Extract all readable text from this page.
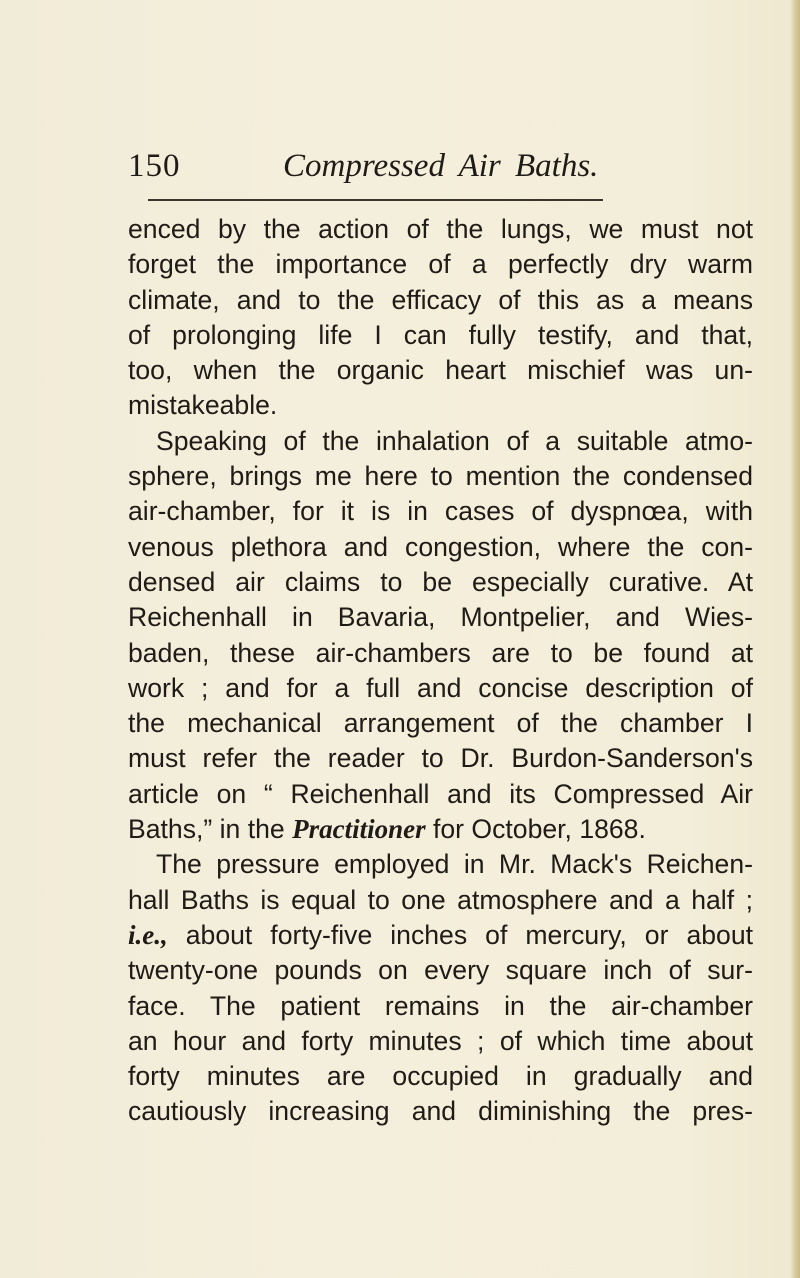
150	Compressed Air Baths.
enced by the action of the lungs, we must not
forget the importance of a perfectly dry warm
climate, and to the efficacy of this as a means
of prolonging life I can fully testify, and that,
too, when the organic heart mischief was un-
mistakeable.
Speaking of the inhalation of a suitable atmo-
sphere, brings me here to mention the condensed
air-chamber, for it is in cases of dyspnœa, with
venous plethora and congestion, where the con-
densed air claims to be especially curative. At
Reichenhall in Bavaria, Montpelier, and Wies-
baden, these air-chambers are to be found at
work ; and for a full and concise description of
the mechanical arrangement of the chamber I
must refer the reader to Dr. Burdon-Sanderson's
article on “ Reichenhall and its Compressed Air
Baths,” in the Practitioner for October, 1868.
The pressure employed in Mr. Mack's Reichen-
hall Baths is equal to one atmosphere and a half ;
i.e., about forty-five inches of mercury, or about
twenty-one pounds on every square inch of sur-
face. The patient remains in the air-chamber
an hour and forty minutes ; of which time about
forty minutes are occupied in gradually and
cautiously increasing and diminishing the pres-
